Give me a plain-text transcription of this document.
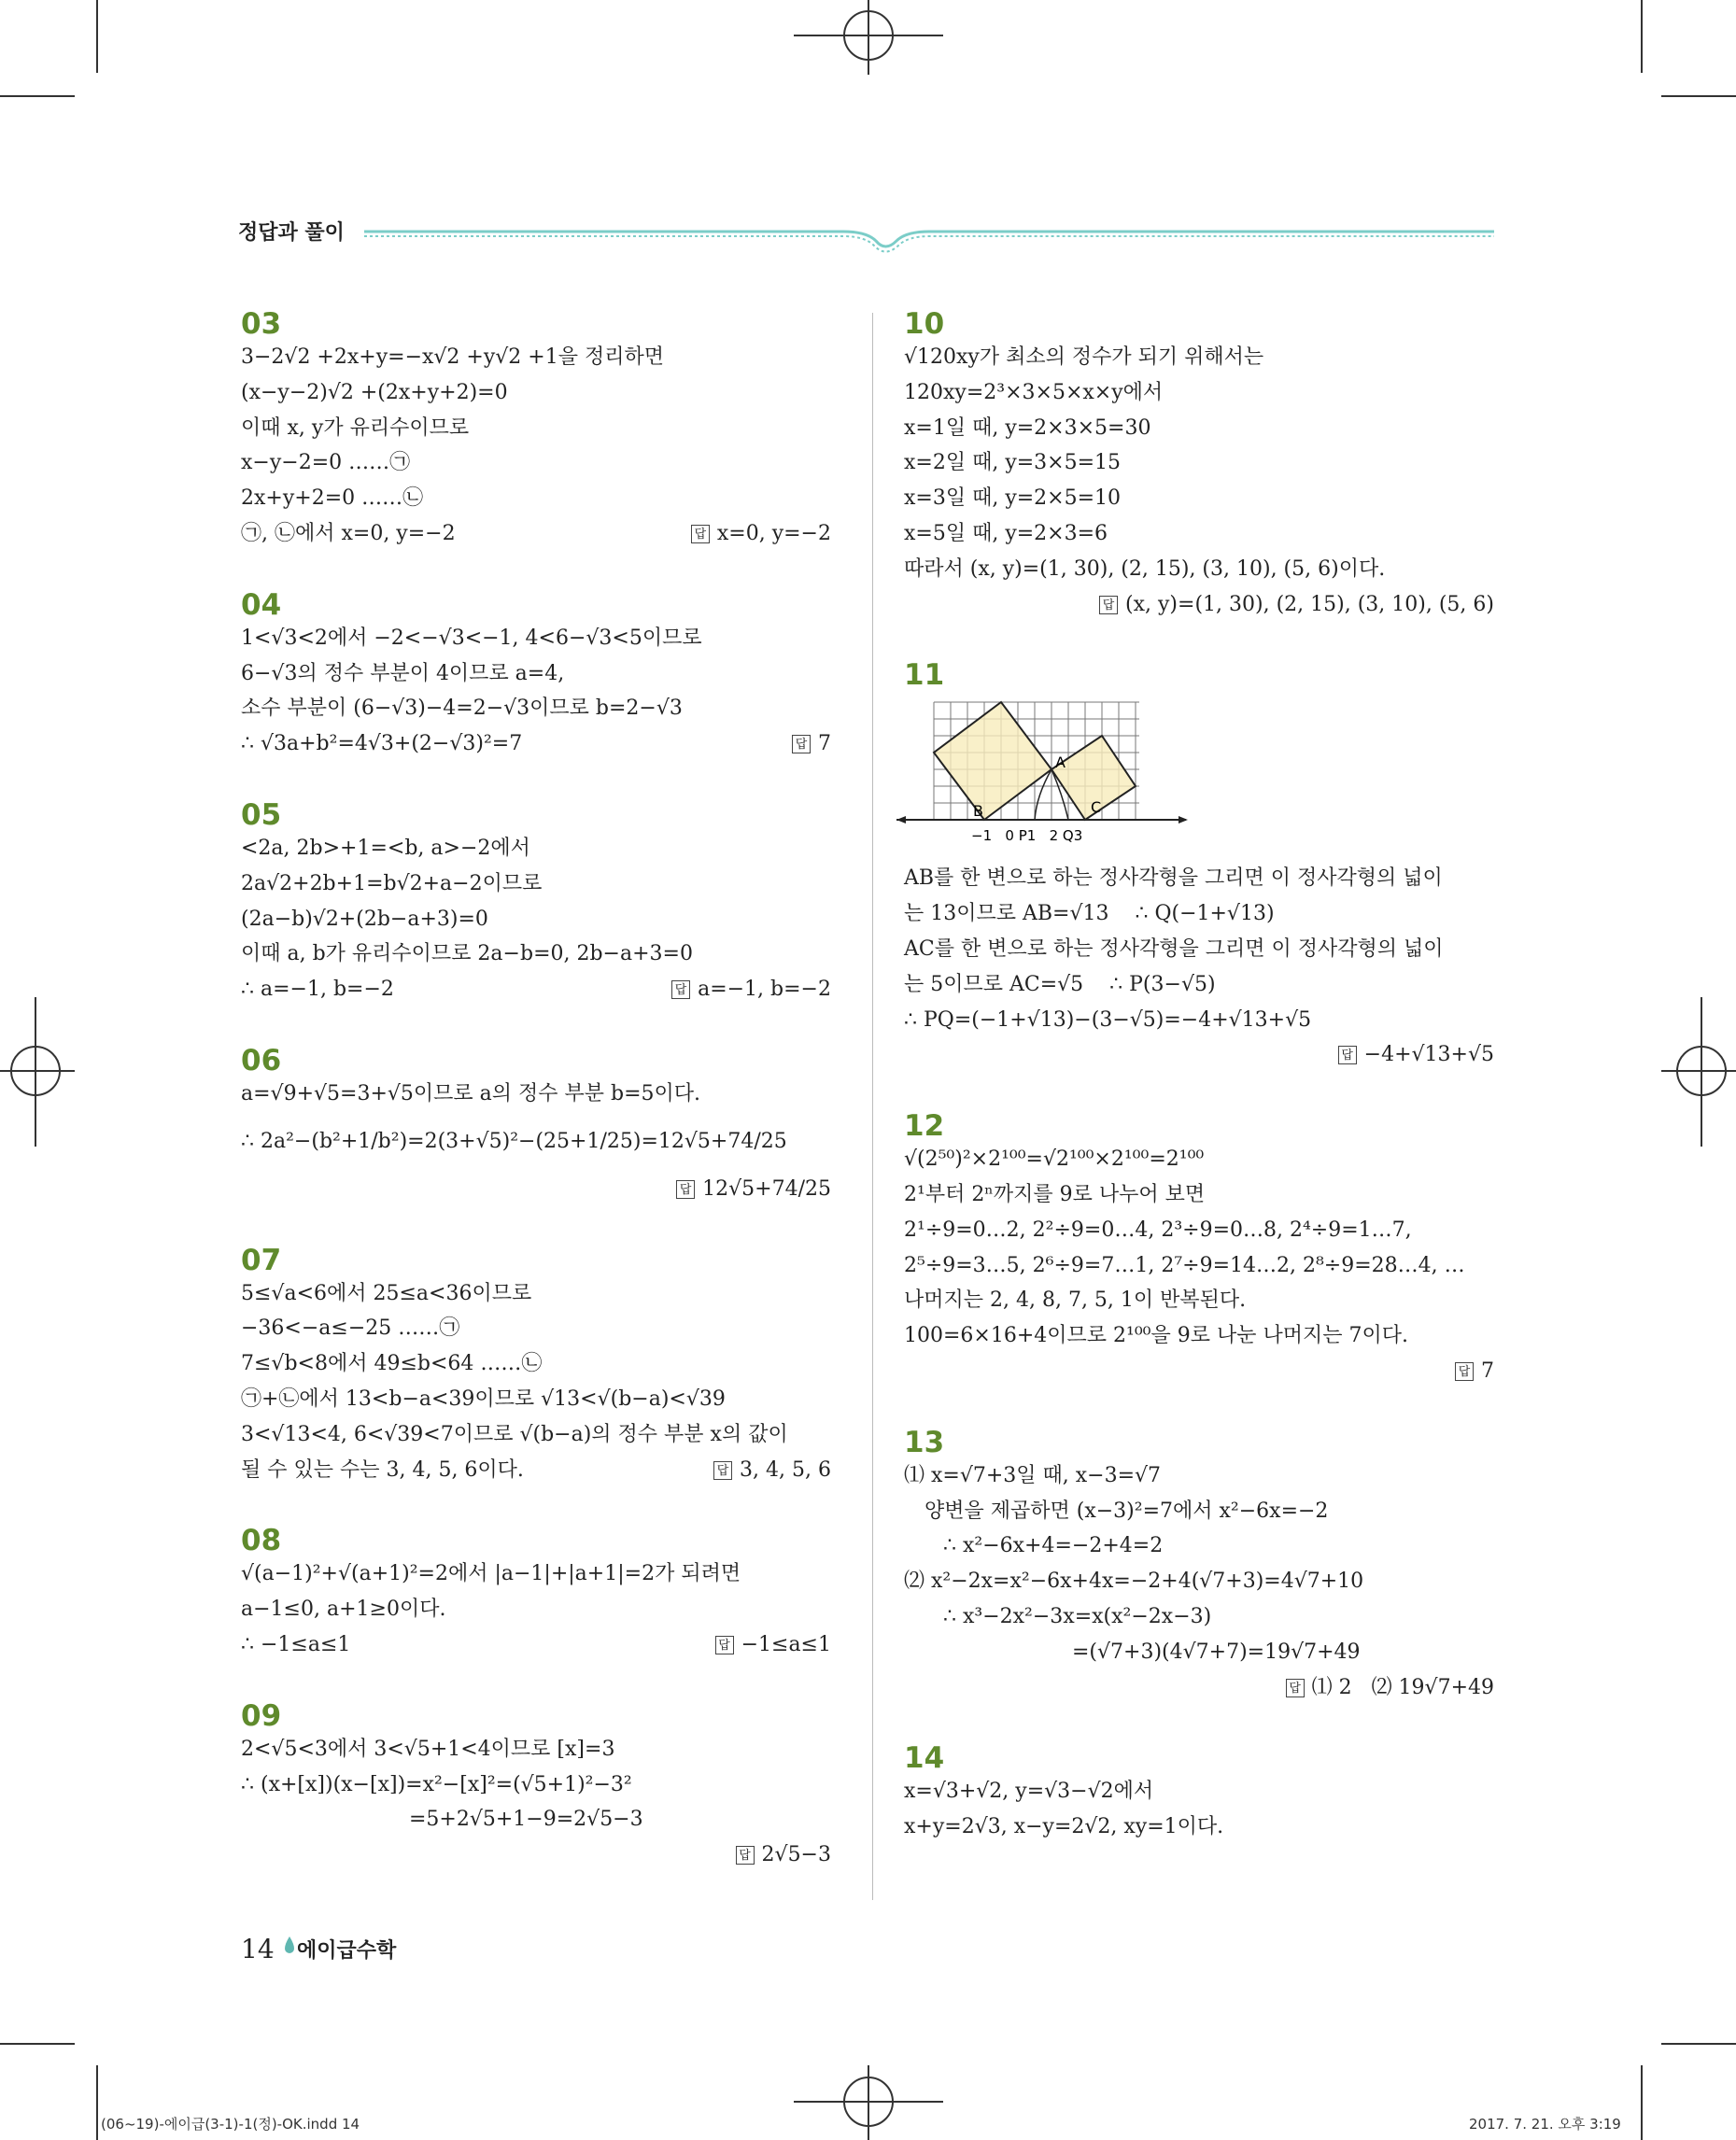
정답과 풀이
03
3−2√2 +2x+y=−x√2 +y√2 +1을 정리하면
(x−y−2)√2 +(2x+y+2)=0
이때 x, y가 유리수이므로
x−y−2=0 ……㉠
2x+y+2=0 ……㉡
㉠, ㉡에서 x=0, y=−2	답 x=0, y=−2
04
1<√3<2에서 −2<−√3<−1, 4<6−√3<5이므로
6−√3의 정수 부분이 4이므로 a=4,
소수 부분이 (6−√3)−4=2−√3이므로 b=2−√3
∴ √3a+b²=4√3+(2−√3)²=7	답 7
05
<2a, 2b>+1=<b, a>−2에서
2a√2+2b+1=b√2+a−2이므로
(2a−b)√2+(2b−a+3)=0
이때 a, b가 유리수이므로 2a−b=0, 2b−a+3=0
∴ a=−1, b=−2	답 a=−1, b=−2
06
a=√9+√5=3+√5이므로 a의 정수 부분 b=5이다.
∴ 2a²−(b²+1/b²)=2(3+√5)²−(25+1/25)=12√5+74/25
답 12√5+74/25
07
5≤√a<6에서 25≤a<36이므로
−36<−a≤−25 ……㉠
7≤√b<8에서 49≤b<64 ……㉡
㉠+㉡에서 13<b−a<39이므로 √13<√(b−a)<√39
3<√13<4, 6<√39<7이므로 √(b−a)의 정수 부분 x의 값이
될 수 있는 수는 3, 4, 5, 6이다.	답 3, 4, 5, 6
08
√(a−1)²+√(a+1)²=2에서 |a−1|+|a+1|=2가 되려면
a−1≤0, a+1≥0이다.
∴ −1≤a≤1	답 −1≤a≤1
09
2<√5<3에서 3<√5+1<4이므로 [x]=3
∴ (x+[x])(x−[x])=x²−[x]²=(√5+1)²−3²
=5+2√5+1−9=2√5−3
답 2√5−3
10
√120xy가 최소의 정수가 되기 위해서는
120xy=2³×3×5×x×y에서
x=1일 때, y=2×3×5=30
x=2일 때, y=3×5=15
x=3일 때, y=2×5=10
x=5일 때, y=2×3=6
따라서 (x, y)=(1, 30), (2, 15), (3, 10), (5, 6)이다.
답 (x, y)=(1, 30), (2, 15), (3, 10), (5, 6)
11
A
B	C
−1   0 P1   2 Q3
AB를 한 변으로 하는 정사각형을 그리면 이 정사각형의 넓이
는 13이므로 AB=√13    ∴ Q(−1+√13)
AC를 한 변으로 하는 정사각형을 그리면 이 정사각형의 넓이
는 5이므로 AC=√5    ∴ P(3−√5)
∴ PQ=(−1+√13)−(3−√5)=−4+√13+√5
답 −4+√13+√5
12
√(2⁵⁰)²×2¹⁰⁰=√2¹⁰⁰×2¹⁰⁰=2¹⁰⁰
2¹부터 2ⁿ까지를 9로 나누어 보면
2¹÷9=0…2, 2²÷9=0…4, 2³÷9=0…8, 2⁴÷9=1…7,
2⁵÷9=3…5, 2⁶÷9=7…1, 2⁷÷9=14…2, 2⁸÷9=28…4, …
나머지는 2, 4, 8, 7, 5, 1이 반복된다.
100=6×16+4이므로 2¹⁰⁰을 9로 나눈 나머지는 7이다.
답 7
13
⑴ x=√7+3일 때, x−3=√7
양변을 제곱하면 (x−3)²=7에서 x²−6x=−2
∴ x²−6x+4=−2+4=2
⑵ x²−2x=x²−6x+4x=−2+4(√7+3)=4√7+10
∴ x³−2x²−3x=x(x²−2x−3)
=(√7+3)(4√7+7)=19√7+49
답 ⑴ 2   ⑵ 19√7+49
14
x=√3+√2, y=√3−√2에서
x+y=2√3, x−y=2√2, xy=1이다.
14 에이급수학
(06~19)-에이급(3-1)-1(정)-OK.indd 14	2017. 7. 21. 오후 3:19
